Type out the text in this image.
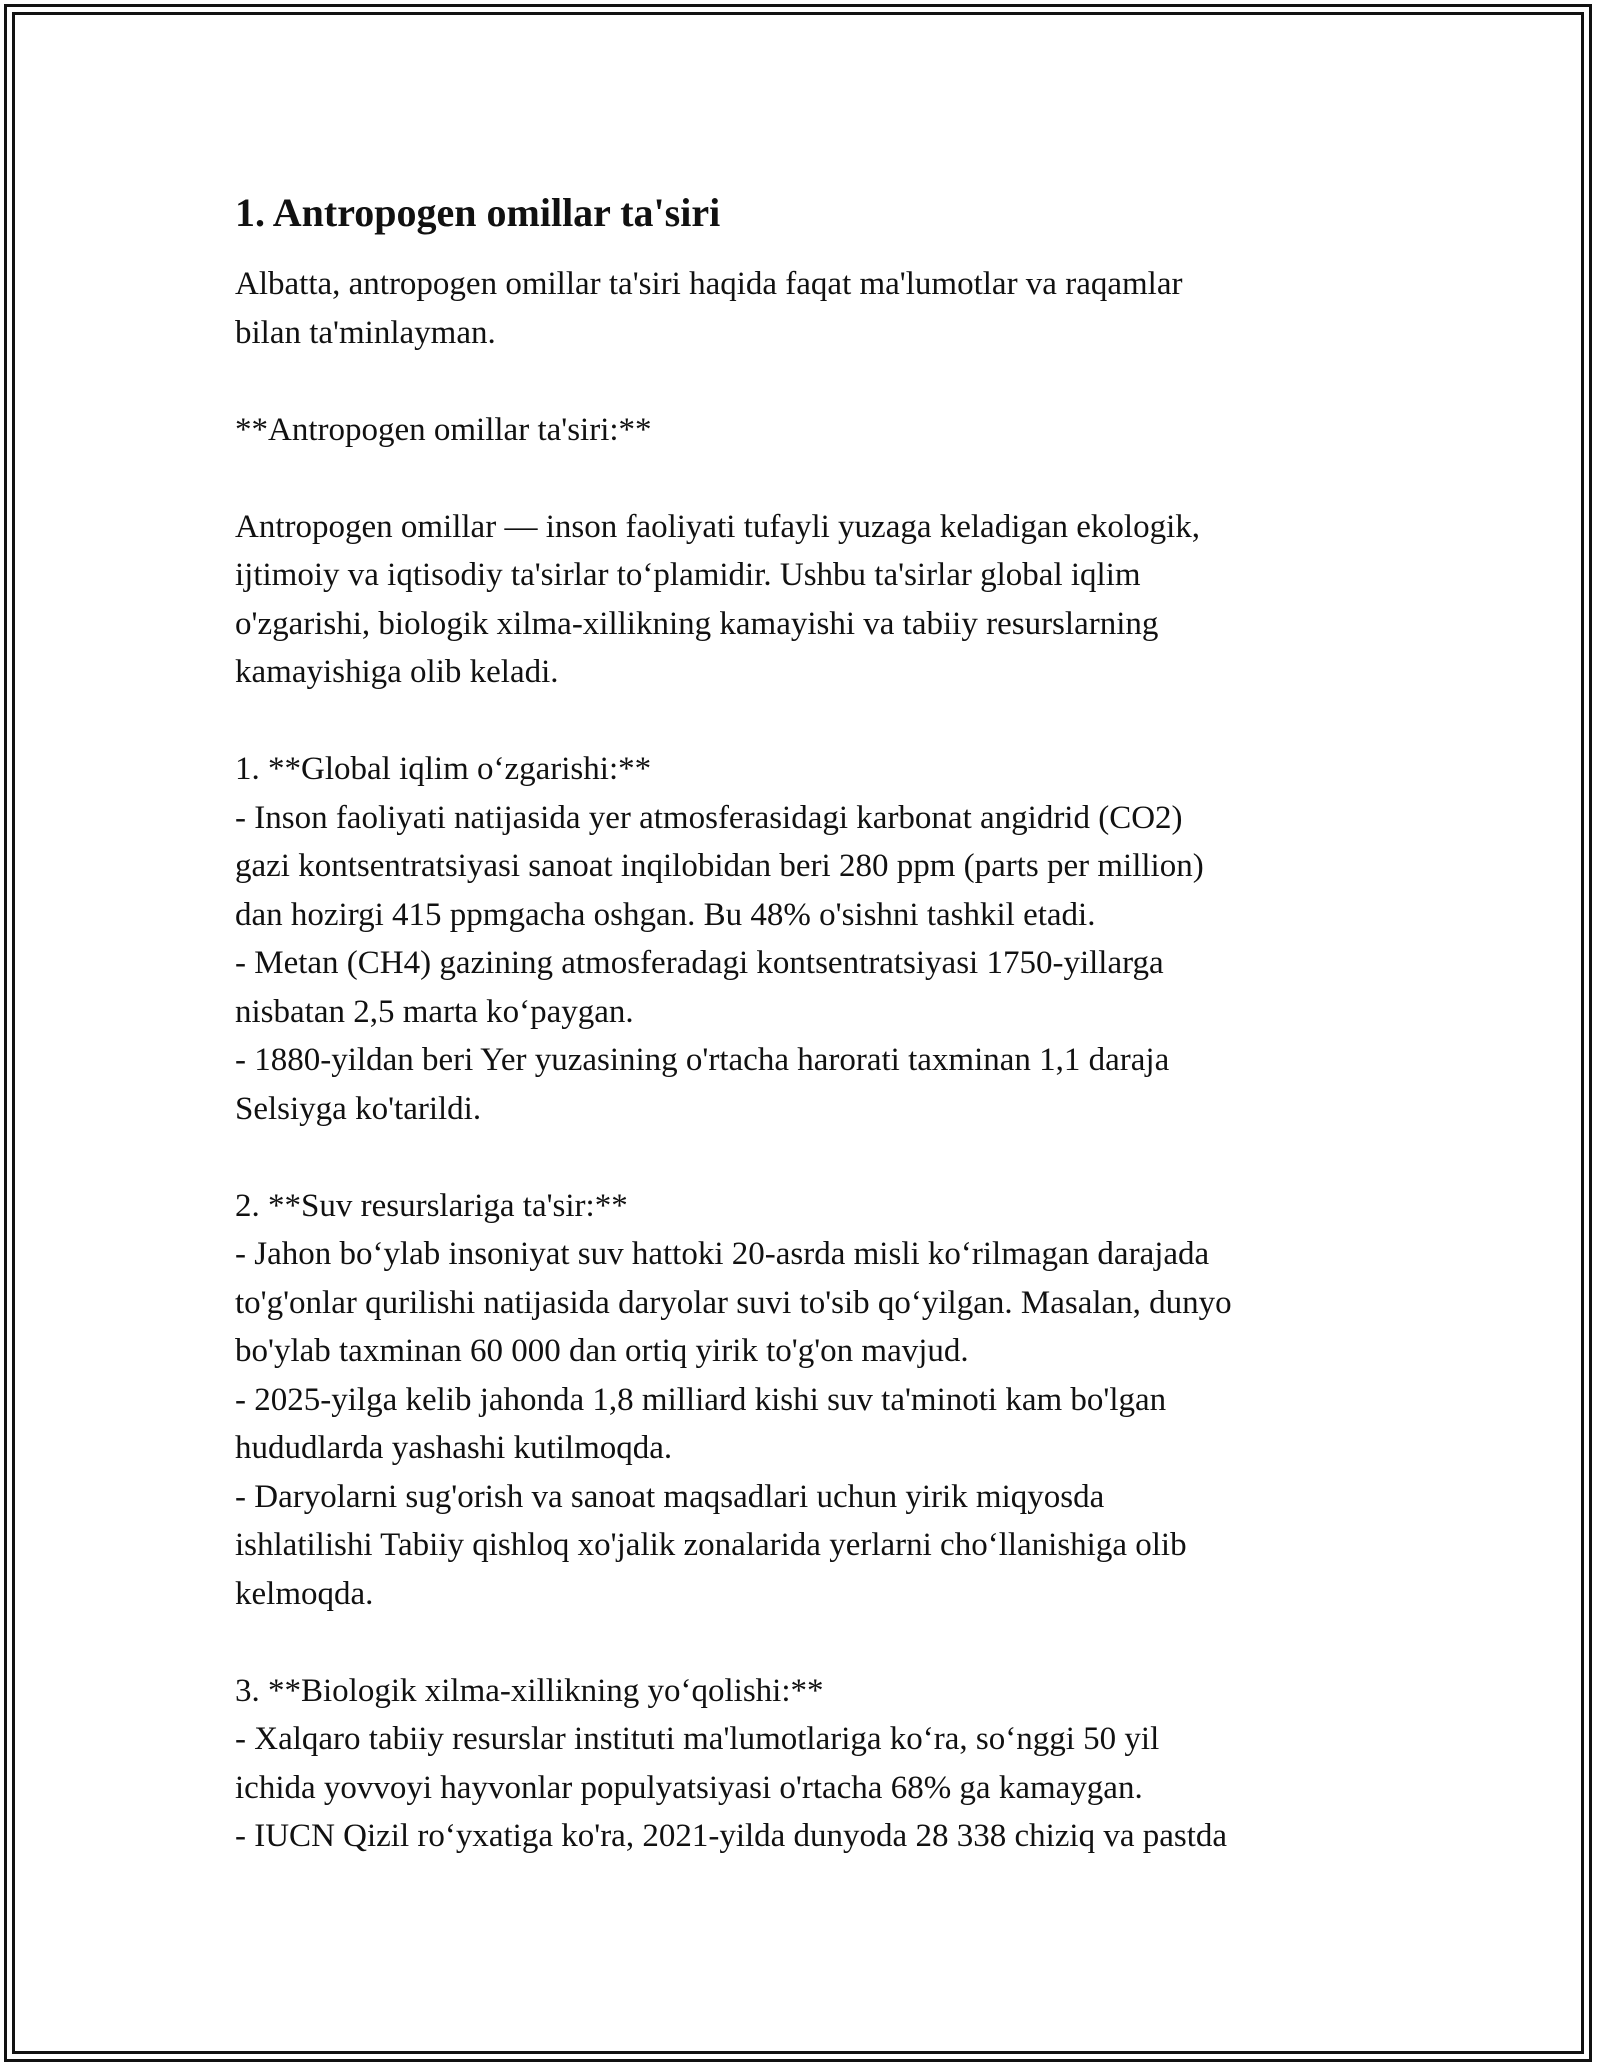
1. Antropogen omillar ta'siri

Albatta, antropogen omillar ta'siri haqida faqat ma'lumotlar va raqamlar
bilan ta'minlayman.

**Antropogen omillar ta'siri:**

Antropogen omillar — inson faoliyati tufayli yuzaga keladigan ekologik,
ijtimoiy va iqtisodiy ta'sirlar to‘plamidir. Ushbu ta'sirlar global iqlim
o'zgarishi, biologik xilma-xillikning kamayishi va tabiiy resurslarning
kamayishiga olib keladi.

1. **Global iqlim o‘zgarishi:**

- Inson faoliyati natijasida yer atmosferasidagi karbonat angidrid (CO2)
gazi kontsentratsiyasi sanoat inqilobidan beri 280 ppm (parts per million)
dan hozirgi 415 ppmgacha oshgan. Bu 48% o'sishni tashkil etadi.

- Metan (CH4) gazining atmosferadagi kontsentratsiyasi 1750-yillarga
nisbatan 2,5 marta ko‘paygan.

- 1880-yildan beri Yer yuzasining o'rtacha harorati taxminan 1,1 daraja
Selsiyga ko'tarildi.

2. **Suv resurslariga ta'sir:**

- Jahon bo‘ylab insoniyat suv hattoki 20-asrda misli ko‘rilmagan darajada
to'g'onlar qurilishi natijasida daryolar suvi to'sib qo‘yilgan. Masalan, dunyo
bo'ylab taxminan 60 000 dan ortiq yirik to'g'on mavjud.

- 2025-yilga kelib jahonda 1,8 milliard kishi suv ta'minoti kam bo'lgan
hududlarda yashashi kutilmoqda.

- Daryolarni sug'orish va sanoat maqsadlari uchun yirik miqyosda
ishlatilishi Tabiiy qishloq xo'jalik zonalarida yerlarni cho‘llanishiga olib
kelmoqda.

3. **Biologik xilma-xillikning yo‘qolishi:**

- Xalqaro tabiiy resurslar instituti ma'lumotlariga ko‘ra, so‘nggi 50 yil
ichida yovvoyi hayvonlar populyatsiyasi o'rtacha 68% ga kamaygan.

- IUCN Qizil ro‘yxatiga ko'ra, 2021-yilda dunyoda 28 338 chiziq va pastda
